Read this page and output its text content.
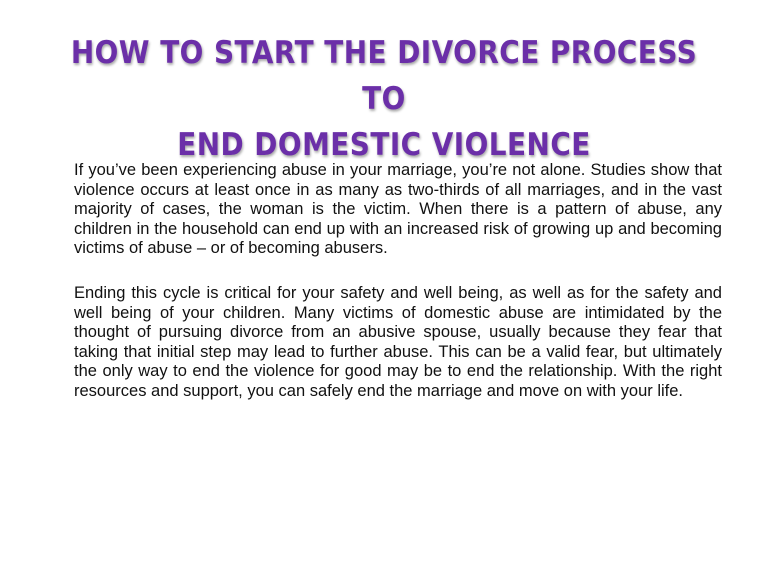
HOW TO START THE DIVORCE PROCESS TO
END DOMESTIC VIOLENCE

If you’ve been experiencing abuse in your marriage, you’re not alone. Studies show that violence occurs at least once in as many as two-thirds of all marriages, and in the vast majority of cases, the woman is the victim. When there is a pattern of abuse, any children in the household can end up with an increased risk of growing up and becoming victims of abuse – or of becoming abusers.

Ending this cycle is critical for your safety and well being, as well as for the safety and well being of your children. Many victims of domestic abuse are intimidated by the thought of pursuing divorce from an abusive spouse, usually because they fear that taking that initial step may lead to further abuse. This can be a valid fear, but ultimately the only way to end the violence for good may be to end the relationship. With the right resources and support, you can safely end the marriage and move on with your life.
